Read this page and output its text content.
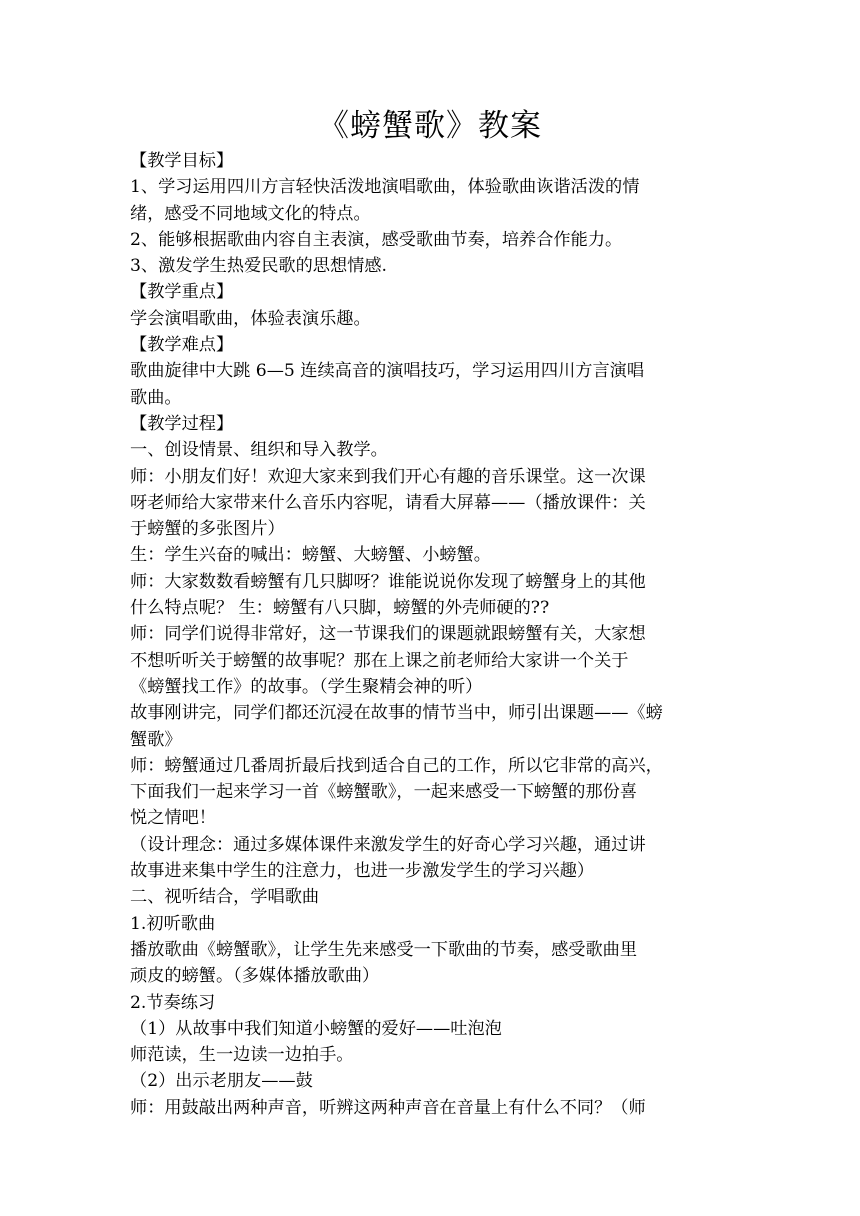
《螃蟹歌》教案
【教学目标】
1、学习运用四川方言轻快活泼地演唱歌曲，体验歌曲诙谐活泼的情
绪，感受不同地域文化的特点。
2、能够根据歌曲内容自主表演，感受歌曲节奏，培养合作能力。
3、激发学生热爱民歌的思想情感.
【教学重点】
学会演唱歌曲，体验表演乐趣。
【教学难点】
歌曲旋律中大跳 6—5 连续高音的演唱技巧，学习运用四川方言演唱
歌曲。
【教学过程】
一、创设情景、组织和导入教学。
师：小朋友们好！欢迎大家来到我们开心有趣的音乐课堂。这一次课
呀老师给大家带来什么音乐内容呢，请看大屏幕——（播放课件：关
于螃蟹的多张图片）
生：学生兴奋的喊出：螃蟹、大螃蟹、小螃蟹。
师：大家数数看螃蟹有几只脚呀？谁能说说你发现了螃蟹身上的其他
什么特点呢？ 生：螃蟹有八只脚，螃蟹的外壳师硬的??
师：同学们说得非常好，这一节课我们的课题就跟螃蟹有关，大家想
不想听听关于螃蟹的故事呢？那在上课之前老师给大家讲一个关于
《螃蟹找工作》的故事。（学生聚精会神的听）
故事刚讲完，同学们都还沉浸在故事的情节当中，师引出课题——《螃
蟹歌》
师：螃蟹通过几番周折最后找到适合自己的工作，所以它非常的高兴，
下面我们一起来学习一首《螃蟹歌》，一起来感受一下螃蟹的那份喜
悦之情吧！
（设计理念：通过多媒体课件来激发学生的好奇心学习兴趣，通过讲
故事进来集中学生的注意力，也进一步激发学生的学习兴趣）
二、视听结合，学唱歌曲
1.初听歌曲
播放歌曲《螃蟹歌》，让学生先来感受一下歌曲的节奏，感受歌曲里
顽皮的螃蟹。（多媒体播放歌曲）
2.节奏练习
（1）从故事中我们知道小螃蟹的爱好——吐泡泡
师范读，生一边读一边拍手。
（2）出示老朋友——鼓
师：用鼓敲出两种声音，听辨这两种声音在音量上有什么不同？（师
